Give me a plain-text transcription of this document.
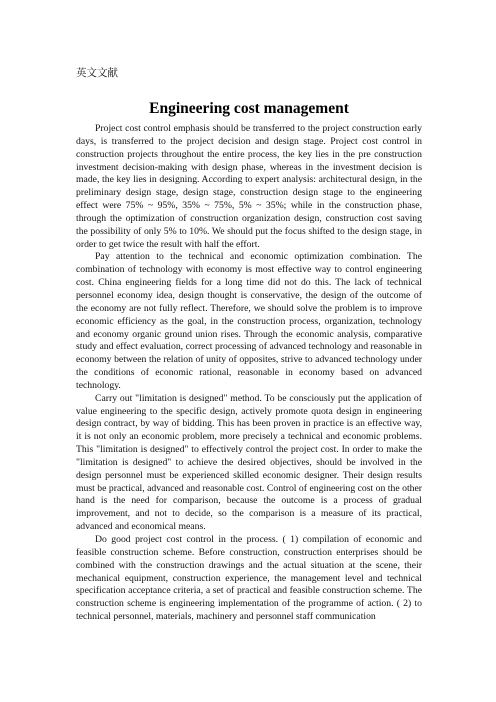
英文文献
Engineering cost management

Project cost control emphasis should be transferred to the project construction early days, is transferred to the project decision and design stage. Project cost control in construction projects throughout the entire process, the key lies in the pre construction investment decision-making with design phase, whereas in the investment decision is made, the key lies in designing. According to expert analysis: architectural design, in the preliminary design stage, design stage, construction design stage to the engineering effect were 75% ~ 95%, 35% ~ 75%, 5% ~ 35%; while in the construction phase, through the optimization of construction organization design, construction cost saving the possibility of only 5% to 10%. We should put the focus shifted to the design stage, in order to get twice the result with half the effort.

Pay attention to the technical and economic optimization combination. The combination of technology with economy is most effective way to control engineering cost. China engineering fields for a long time did not do this. The lack of technical personnel economy idea, design thought is conservative, the design of the outcome of the economy are not fully reflect. Therefore, we should solve the problem is to improve economic efficiency as the goal, in the construction process, organization, technology and economy organic ground union rises. Through the economic analysis, comparative study and effect evaluation, correct processing of advanced technology and reasonable in economy between the relation of unity of opposites, strive to advanced technology under the conditions of economic rational, reasonable in economy based on advanced technology.

Carry out "limitation is designed" method. To be consciously put the application of value engineering to the specific design, actively promote quota design in engineering design contract, by way of bidding. This has been proven in practice is an effective way, it is not only an economic problem, more precisely a technical and economic problems. This "limitation is designed" to effectively control the project cost. In order to make the "limitation is designed" to achieve the desired objectives, should be involved in the design personnel must be experienced skilled economic designer. Their design results must be practical, advanced and reasonable cost. Control of engineering cost on the other hand is the need for comparison, because the outcome is a process of gradual improvement, and not to decide, so the comparison is a measure of its practical, advanced and economical means.

Do good project cost control in the process. ( 1) compilation of economic and feasible construction scheme. Before construction, construction enterprises should be combined with the construction drawings and the actual situation at the scene, their mechanical equipment, construction experience, the management level and technical specification acceptance criteria, a set of practical and feasible construction scheme. The construction scheme is engineering implementation of the programme of action. ( 2) to technical personnel, materials, machinery and personnel staff communication
